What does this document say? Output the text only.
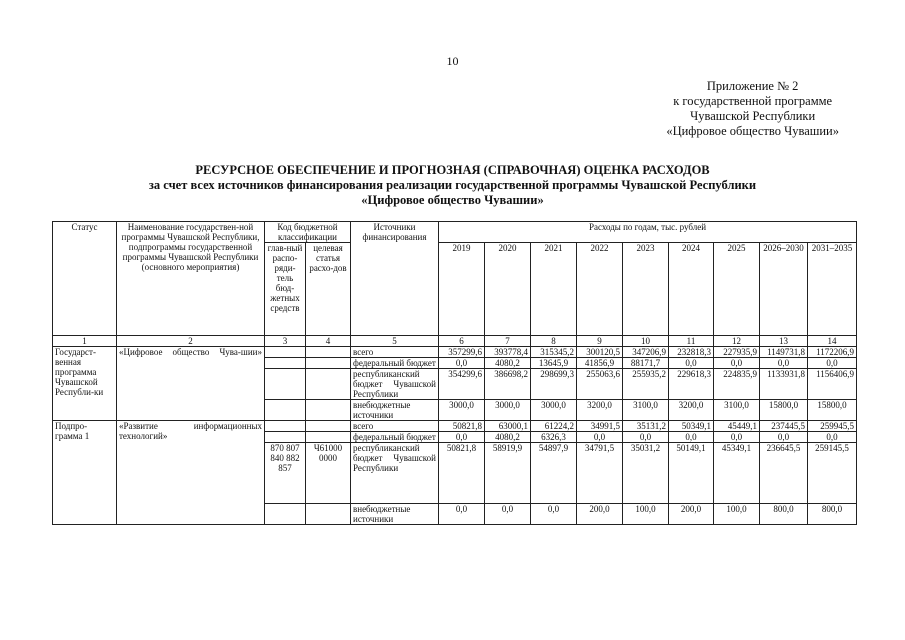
10
Приложение № 2
к государственной программе
Чувашской Республики
«Цифровое общество Чувашии»
РЕСУРСНОЕ ОБЕСПЕЧЕНИЕ И ПРОГНОЗНАЯ (СПРАВОЧНАЯ) ОЦЕНКА РАСХОДОВ
за счет всех источников финансирования реализации государственной программы Чувашской Республики
«Цифровое общество Чувашии»
Статус	Наименование государствен-ной программы Чувашской Республики, подпрограммы государственной программы Чувашской Республики (основного мероприятия)	Код бюджетной классификации		Источники финансирования	Расходы по годам, тыс. рублей								
		глав-ный распо-ряди-тель бюд-жетных средств	целевая статья расхо-дов		2019	2020	2021	2022	2023	2024	2025	2026–2030	2031–2035

1	2	3	4	5	6	7	8	9	10	11	12	13	14
Государст-венная программа Чувашской Республи-ки	«Цифровое общество Чува-шии»			всего	357299,6	393778,4	315345,2	300120,5	347206,9	232818,3	227935,9	1149731,8	1172206,9
				федеральный бюджет	0,0	4080,2	13645,9	41856,9	88171,7	0,0	0,0	0,0	0,0
				республиканский бюджет Чувашской Республики	354299,6	386698,2	298699,3	255063,6	255935,2	229618,3	224835,9	1133931,8	1156406,9
				внебюджетные источники	3000,0	3000,0	3000,0	3200,0	3100,0	3200,0	3100,0	15800,0	15800,0
Подпро-грамма 1	«Развитие информационных технологий»			всего	50821,8	63000,1	61224,2	34991,5	35131,2	50349,1	45449,1	237445,5	259945,5
				федеральный бюджет	0,0	4080,2	6326,3	0,0	0,0	0,0	0,0	0,0	0,0
		870 807 840 882 857	Ч61000 0000	республиканский бюджет Чувашской Республики	50821,8	58919,9	54897,9	34791,5	35031,2	50149,1	45349,1	236645,5	259145,5
				внебюджетные источники	0,0	0,0	0,0	200,0	100,0	200,0	100,0	800,0	800,0
